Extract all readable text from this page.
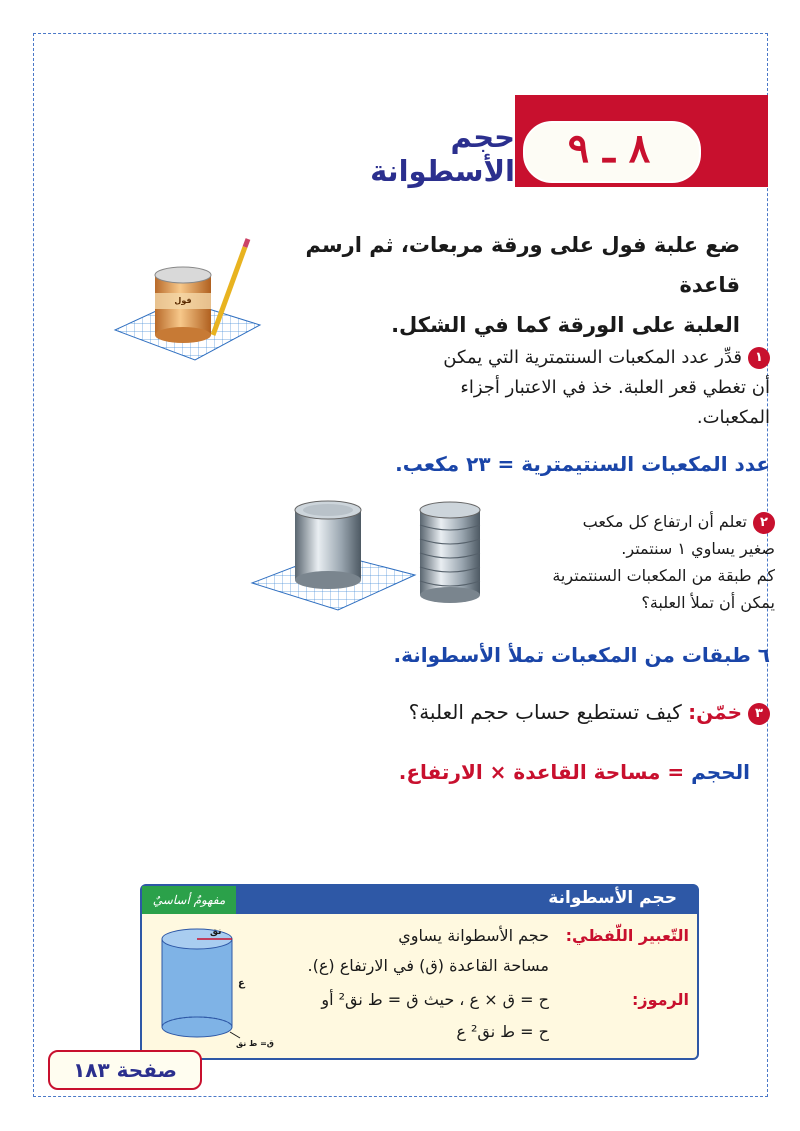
٨ ـ ٩
حجم الأسطوانة
ضع علبة فول على ورقة مربعات، ثم ارسم قاعدة
العلبة على الورقة كما في الشكل.
فول
١قدِّر عدد المكعبات السنتمترية التي يمكن
أن تغطي قعر العلبة. خذ في الاعتبار أجزاء
المكعبات.
عدد المكعبات السنتيمترية = ٢٣ مكعب.
٢تعلم أن ارتفاع كل مكعب
صغير يساوي ١ سنتمتر.
كم طبقة من المكعبات السنتمترية
يمكن أن تملأ العلبة؟
٦ طبقات من المكعبات تملأ الأسطوانة.
٣خمّن: كيف تستطيع حساب حجم العلبة؟
الحجم = مساحة القاعدة × الارتفاع.
حجم الأسطوانة
مفهومٌ أساسيٌ
التّعبير اللّفظي:
حجم الأسطوانة يساوي
مساحة القاعدة (ق) في الارتفاع (ع).
الرموز:
ح = ق × ع ، حيث ق = ط نق² أو
ح = ط نق² ع
نق
ع
ق= ط نق
صفحة ١٨٣
